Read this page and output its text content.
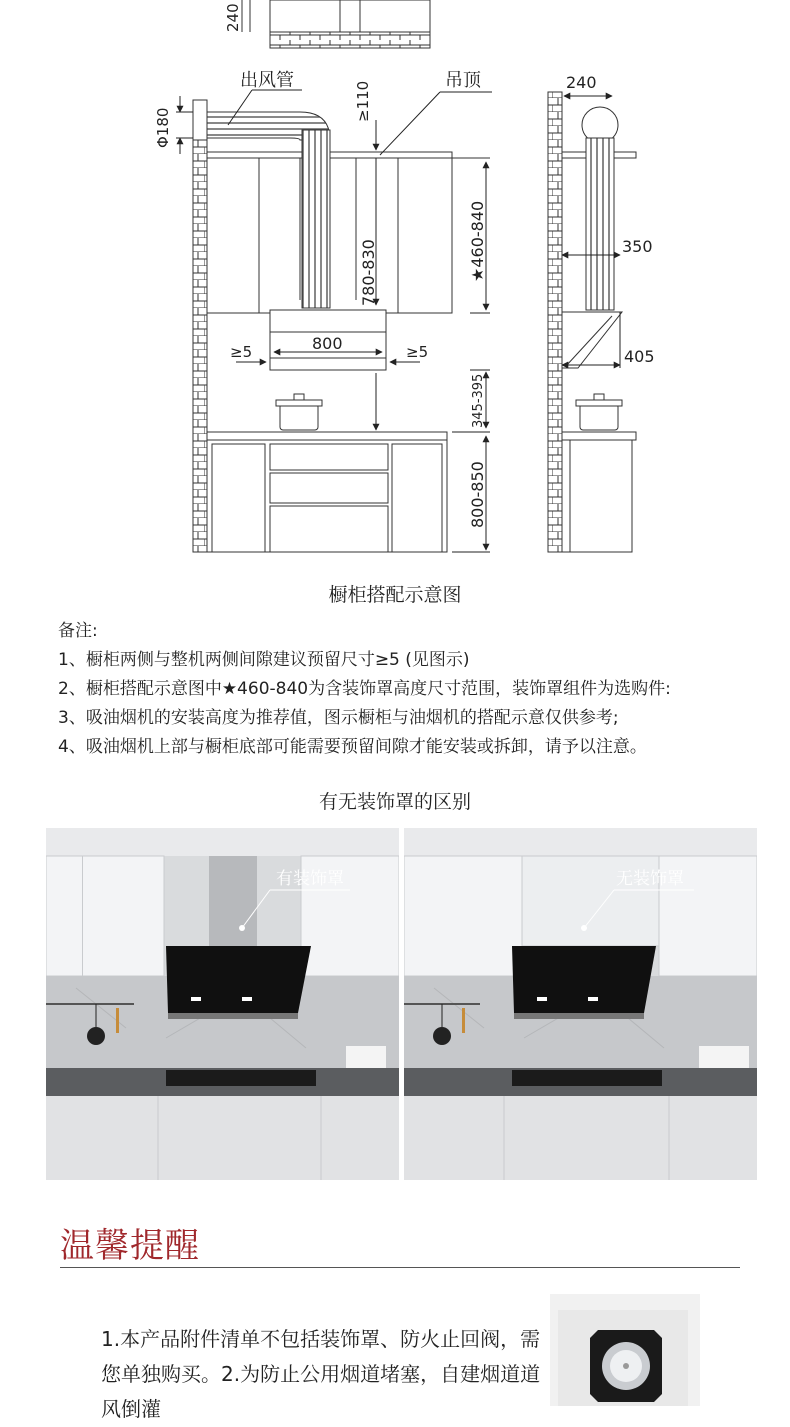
240
出风管	吊顶
Φ180
≥110
★460-840
780-830
800
≥5	≥5
345-395
800-850
240
350
405
橱柜搭配示意图
备注:
1、橱柜两侧与整机两侧间隙建议预留尺寸≥5 (见图示)
2、橱柜搭配示意图中★460-840为含装饰罩高度尺寸范围，装饰罩组件为选购件:
3、吸油烟机的安装高度为推荐值，图示橱柜与油烟机的搭配示意仅供参考;
4、吸油烟机上部与橱柜底部可能需要预留间隙才能安装或拆卸，请予以注意。
有无装饰罩的区别
有装饰罩	无装饰罩
温馨提醒
1.本产品附件清单不包括装饰罩、防火止回阀，需您单独购买。2.为防止公用烟道堵塞，自建烟道道风倒灌
